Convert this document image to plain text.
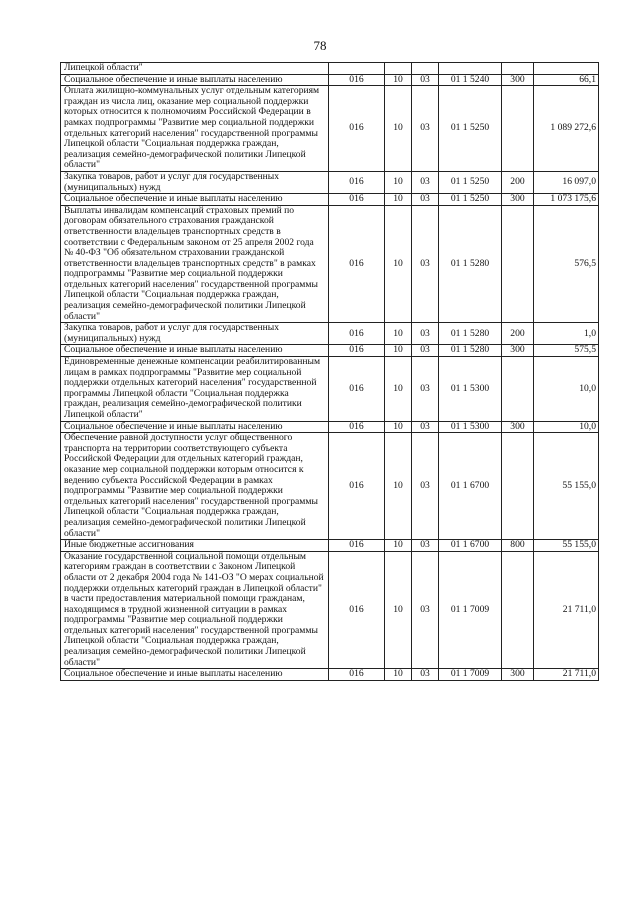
78
Липецкой области"						
Социальное обеспечение и иные выплаты населению	016	10	03	01 1 5240	300	66,1
Оплата жилищно-коммунальных услуг отдельным категориям граждан из числа лиц, оказание мер социальной поддержки которых относится к полномочиям Российской Федерации в рамках подпрограммы "Развитие мер социальной поддержки отдельных категорий населения" государственной программы Липецкой области "Социальная поддержка граждан, реализация семейно-демографической политики Липецкой области"	016	10	03	01 1 5250		1 089 272,6
Закупка товаров, работ и услуг для государственных (муниципальных) нужд	016	10	03	01 1 5250	200	16 097,0
Социальное обеспечение и иные выплаты населению	016	10	03	01 1 5250	300	1 073 175,6
Выплаты инвалидам компенсаций страховых премий по договорам обязательного страхования гражданской ответственности владельцев транспортных средств в соответствии с Федеральным законом от 25 апреля 2002 года № 40-ФЗ "Об обязательном страховании гражданской ответственности владельцев транспортных средств" в рамках подпрограммы "Развитие мер социальной поддержки отдельных категорий населения" государственной программы Липецкой области "Социальная поддержка граждан, реализация семейно-демографической политики Липецкой области"	016	10	03	01 1 5280		576,5
Закупка товаров, работ и услуг для государственных (муниципальных) нужд	016	10	03	01 1 5280	200	1,0
Социальное обеспечение и иные выплаты населению	016	10	03	01 1 5280	300	575,5
Единовременные денежные компенсации реабилитированным лицам в рамках подпрограммы "Развитие мер социальной поддержки отдельных категорий населения" государственной программы Липецкой области "Социальная поддержка граждан, реализация семейно-демографической политики Липецкой области"	016	10	03	01 1 5300		10,0
Социальное обеспечение и иные выплаты населению	016	10	03	01 1 5300	300	10,0
Обеспечение равной доступности услуг общественного транспорта на территории соответствующего субъекта Российской Федерации для отдельных категорий граждан, оказание мер социальной поддержки которым относится к ведению субъекта Российской Федерации в рамках подпрограммы "Развитие мер социальной поддержки отдельных категорий населения" государственной программы Липецкой области "Социальная поддержка граждан, реализация семейно-демографической политики Липецкой области"	016	10	03	01 1 6700		55 155,0
Иные бюджетные ассигнования	016	10	03	01 1 6700	800	55 155,0
Оказание государственной социальной помощи отдельным категориям граждан в соответствии с Законом Липецкой области от 2 декабря 2004 года № 141-ОЗ "О мерах социальной поддержки отдельных категорий граждан в Липецкой области" в части предоставления материальной помощи гражданам, находящимся в трудной жизненной ситуации в рамках подпрограммы "Развитие мер социальной поддержки отдельных категорий населения" государственной программы Липецкой области "Социальная поддержка граждан, реализация семейно-демографической политики Липецкой области"	016	10	03	01 1 7009		21 711,0
Социальное обеспечение и иные выплаты населению	016	10	03	01 1 7009	300	21 711,0
